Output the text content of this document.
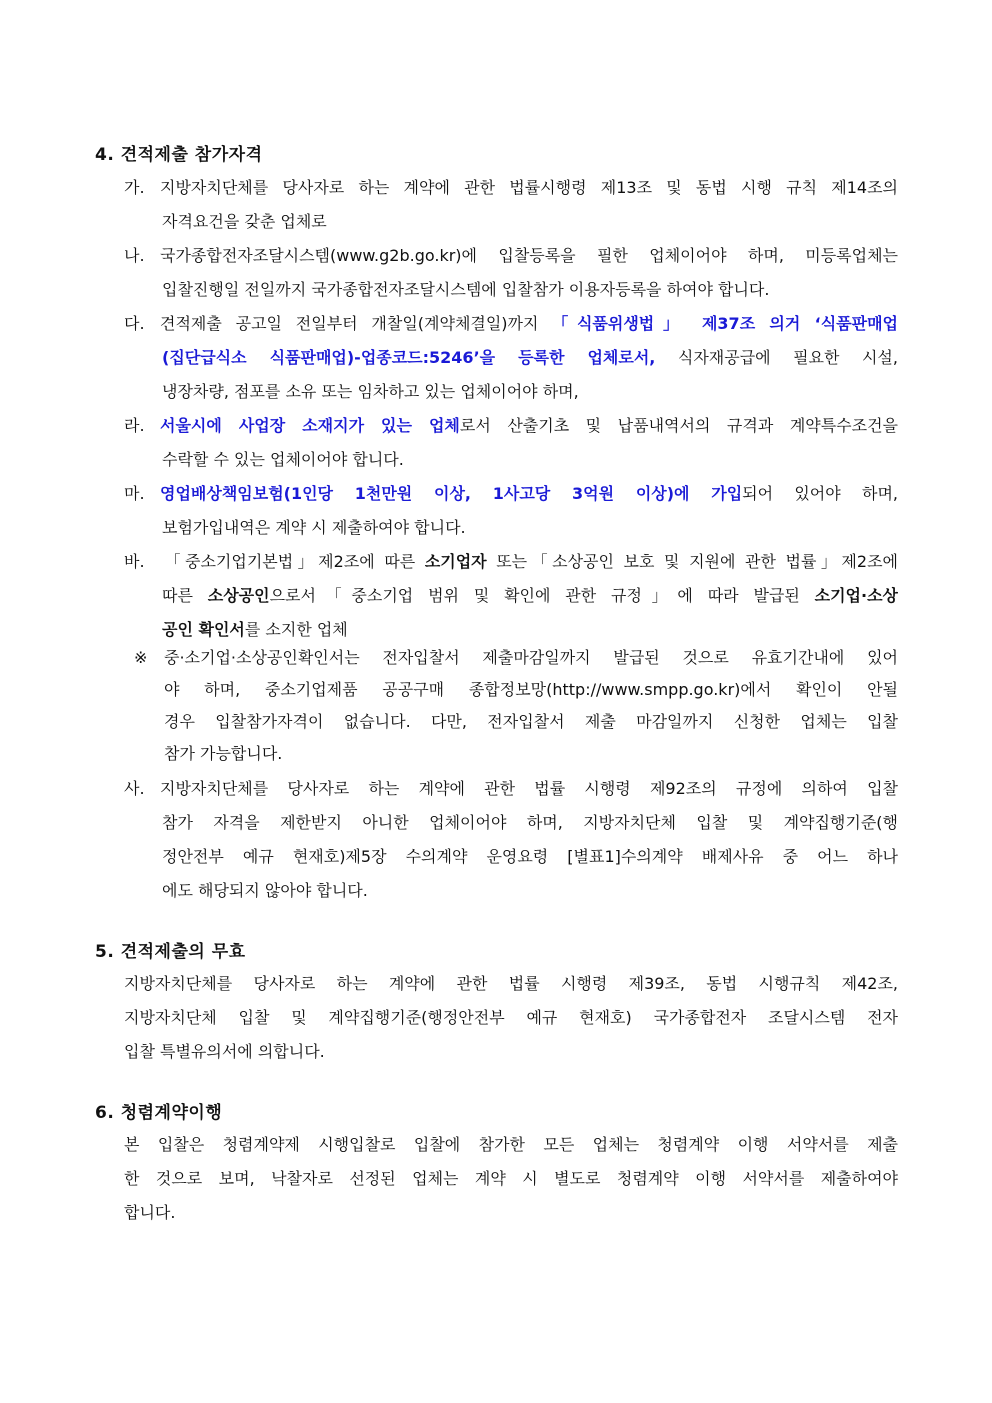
4. 견적제출 참가자격
가. 지방자치단체를 당사자로 하는 계약에 관한 법률시행령 제13조 및 동법 시행 규칙 제14조의
자격요건을 갖춘 업체로
나. 국가종합전자조달시스템(www.g2b.go.kr)에 입찰등록을 필한 업체이어야 하며, 미등록업체는
입찰진행일 전일까지 국가종합전자조달시스템에 입찰참가 이용자등록을 하여야 합니다.
다. 견적제출 공고일 전일부터 개찰일(계약체결일)까지 「식품위생법」 제37조 의거 ‘식품판매업
(집단급식소 식품판매업)-업종코드:5246’을 등록한 업체로서, 식자재공급에 필요한 시설,
냉장차량, 점포를 소유 또는 임차하고 있는 업체이어야 하며,
라. 서울시에 사업장 소재지가 있는 업체로서 산출기초 및 납품내역서의 규격과 계약특수조건을
수락할 수 있는 업체이어야 합니다.
마. 영업배상책임보험(1인당 1천만원 이상, 1사고당 3억원 이상)에 가입되어 있어야 하며,
보험가입내역은 계약 시 제출하여야 합니다.
바. 「중소기업기본법」제2조에 따른 소기업자 또는「소상공인 보호 및 지원에 관한 법률」제2조에
따른 소상공인으로서「중소기업 범위 및 확인에 관한 규정」에 따라 발급된 소기업·소상
공인 확인서를 소지한 업체
※ 중·소기업·소상공인확인서는 전자입찰서 제출마감일까지 발급된 것으로 유효기간내에 있어
야 하며, 중소기업제품 공공구매 종합정보망(http://www.smpp.go.kr)에서 확인이 안될
경우 입찰참가자격이 없습니다. 다만, 전자입찰서 제출 마감일까지 신청한 업체는 입찰
참가 가능합니다.
사. 지방자치단체를 당사자로 하는 계약에 관한 법률 시행령 제92조의 규정에 의하여 입찰
참가 자격을 제한받지 아니한 업체이어야 하며, 지방자치단체 입찰 및 계약집행기준(행
정안전부 예규 현재호)제5장 수의계약 운영요령 [별표1]수의계약 배제사유 중 어느 하나
에도 해당되지 않아야 합니다.
5. 견적제출의 무효
지방자치단체를 당사자로 하는 계약에 관한 법률 시행령 제39조, 동법 시행규칙 제42조,
지방자치단체 입찰 및 계약집행기준(행정안전부 예규 현재호) 국가종합전자 조달시스템 전자
입찰 특별유의서에 의합니다.
6. 청렴계약이행
본 입찰은 청렴계약제 시행입찰로 입찰에 참가한 모든 업체는 청렴계약 이행 서약서를 제출
한 것으로 보며, 낙찰자로 선정된 업체는 계약 시 별도로 청렴계약 이행 서약서를 제출하여야
합니다.
